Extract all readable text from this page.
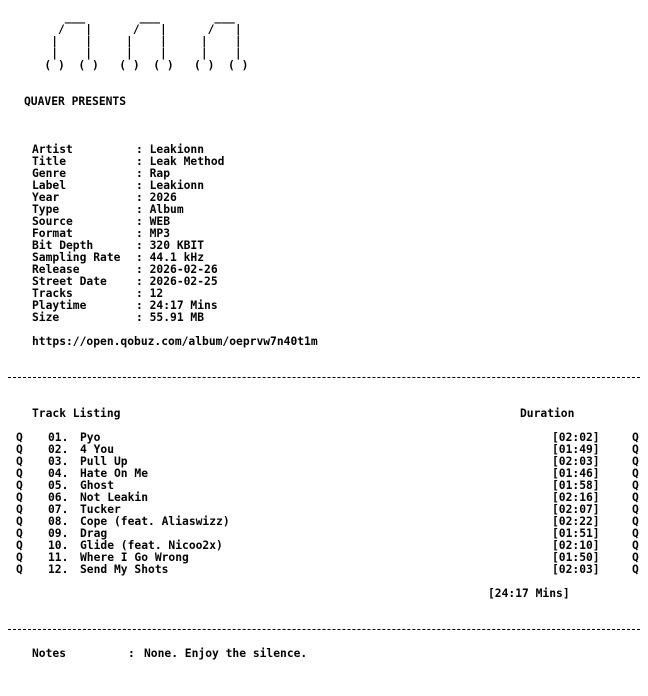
___        ___        ___
/   |      /   |      /   |
|    |     |    |     |    |
|    |     |    |     |    |
( )  ( )   ( )  ( )   ( )  ( )
QUAVER PRESENTS
Artist	: Leakionn
Title	: Leak Method
Genre	: Rap
Label	: Leakionn
Year	: 2026
Type	: Album
Source	: WEB
Format	: MP3
Bit Depth	: 320 KBIT
Sampling Rate : 44.1 kHz
Release	: 2026-02-26
Street Date	: 2026-02-25
Tracks	: 12
Playtime	: 24:17 Mins
Size	: 55.91 MB
https://open.qobuz.com/album/oeprvw7n40t1m
Track Listing	Duration
Q 01. Pyo	[02:02]	Q
Q 02. 4 You	[01:49]	Q
Q 03. Pull Up	[02:03]	Q
Q 04. Hate On Me	[01:46]	Q
Q 05. Ghost	[01:58]	Q
Q 06. Not Leakin	[02:16]	Q
Q 07. Tucker	[02:07]	Q
Q 08. Cope (feat. Aliaswizz)	[02:22]	Q
Q 09. Drag	[01:51]	Q
Q 10. Glide (feat. Nicoo2x)	[02:10]	Q
Q 11. Where I Go Wrong	[01:50]	Q
Q 12. Send My Shots	[02:03]	Q
[24:17 Mins]
Notes	: None. Enjoy the silence.
